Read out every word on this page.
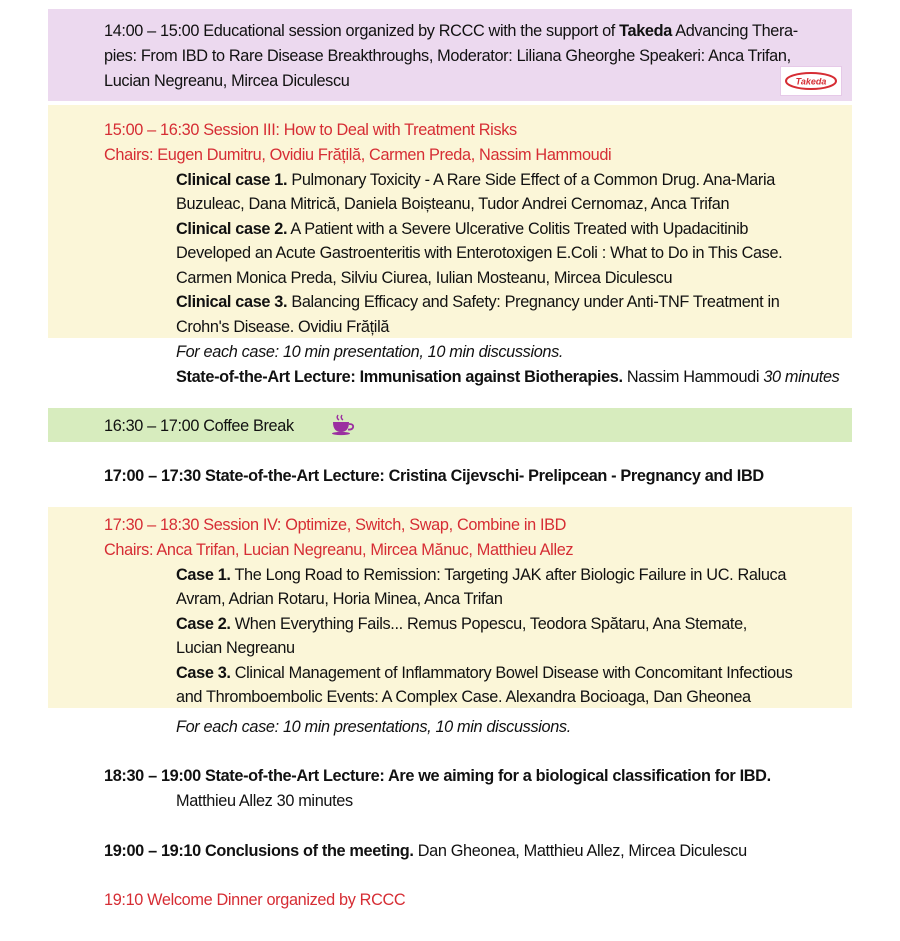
14:00 – 15:00 Educational session organized by RCCC with the support of Takeda Advancing Thera-
pies: From IBD to Rare Disease Breakthroughs, Moderator: Liliana Gheorghe Speakeri: Anca Trifan,
Lucian Negreanu, Mircea Diculescu	Takeda
15:00 – 16:30 Session III: How to Deal with Treatment Risks
Chairs: Eugen Dumitru, Ovidiu Frățilă, Carmen Preda, Nassim Hammoudi
Clinical case 1. Pulmonary Toxicity - A Rare Side Effect of a Common Drug. Ana-Maria
Buzuleac, Dana Mitrică, Daniela Boișteanu, Tudor Andrei Cernomaz, Anca Trifan
Clinical case 2. A Patient with a Severe Ulcerative Colitis Treated with Upadacitinib
Developed an Acute Gastroenteritis with Enterotoxigen E.Coli : What to Do in This Case.
Carmen Monica Preda, Silviu Ciurea, Iulian Mosteanu, Mircea Diculescu
Clinical case 3. Balancing Efficacy and Safety: Pregnancy under Anti-TNF Treatment in
Crohn's Disease. Ovidiu Frățilă
For each case: 10 min presentation, 10 min discussions.
State-of-the-Art Lecture: Immunisation against Biotherapies. Nassim Hammoudi 30 minutes
16:30 – 17:00 Coffee Break
17:00 – 17:30 State-of-the-Art Lecture: Cristina Cijevschi- Prelipcean - Pregnancy and IBD
17:30 – 18:30 Session IV: Optimize, Switch, Swap, Combine in IBD
Chairs: Anca Trifan, Lucian Negreanu, Mircea Mănuc, Matthieu Allez
Case 1. The Long Road to Remission: Targeting JAK after Biologic Failure in UC. Raluca
Avram, Adrian Rotaru, Horia Minea, Anca Trifan
Case 2. When Everything Fails... Remus Popescu, Teodora Spătaru, Ana Stemate,
Lucian Negreanu
Case 3. Clinical Management of Inflammatory Bowel Disease with Concomitant Infectious
and Thromboembolic Events: A Complex Case. Alexandra Bocioaga, Dan Gheonea
For each case: 10 min presentations, 10 min discussions.
18:30 – 19:00 State-of-the-Art Lecture: Are we aiming for a biological classification for IBD.
Matthieu Allez 30 minutes
19:00 – 19:10 Conclusions of the meeting. Dan Gheonea, Matthieu Allez, Mircea Diculescu
19:10 Welcome Dinner organized by RCCC
